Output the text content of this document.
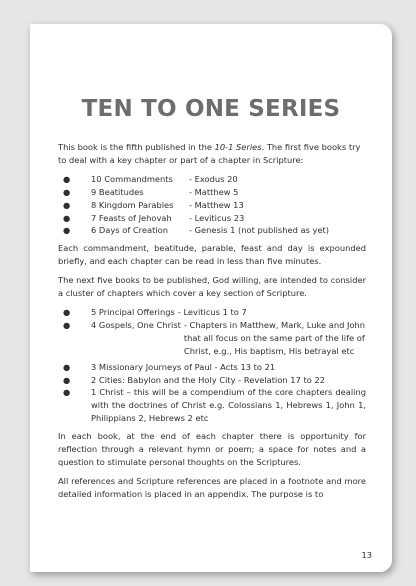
TEN TO ONE SERIES

This book is the fifth published in the 10-1 Series. The first five books try to deal with a key chapter or part of a chapter in Scripture:

●	10 Commandments - Exodus 20
●	9 Beatitudes	- Matthew 5
●	8 Kingdom Parables - Matthew 13
●	7 Feasts of Jehovah - Leviticus 23
●	6 Days of Creation	- Genesis 1 (not published as yet)

Each commandment, beatitude, parable, feast and day is expounded briefly, and each chapter can be read in less than five minutes.

The next five books to be published, God willing, are intended to consider a cluster of chapters which cover a key section of Scripture.

●	5 Principal Offerings - Leviticus 1 to 7
●	4 Gospels, One Christ - Chapters in Matthew, Mark, Luke and John that all focus on the same part of the life of Christ, e.g., His baptism, His betrayal etc
●	3 Missionary Journeys of Paul - Acts 13 to 21
●	2 Cities: Babylon and the Holy City - Revelation 17 to 22
●	1 Christ – this will be a compendium of the core chapters dealing with the doctrines of Christ e.g. Colossians 1, Hebrews 1, John 1, Philippians 2, Hebrews 2 etc

In each book, at the end of each chapter there is opportunity for reflection through a relevant hymn or poem; a space for notes and a question to stimulate personal thoughts on the Scriptures.

All references and Scripture references are placed in a footnote and more detailed information is placed in an appendix. The purpose is to

13
